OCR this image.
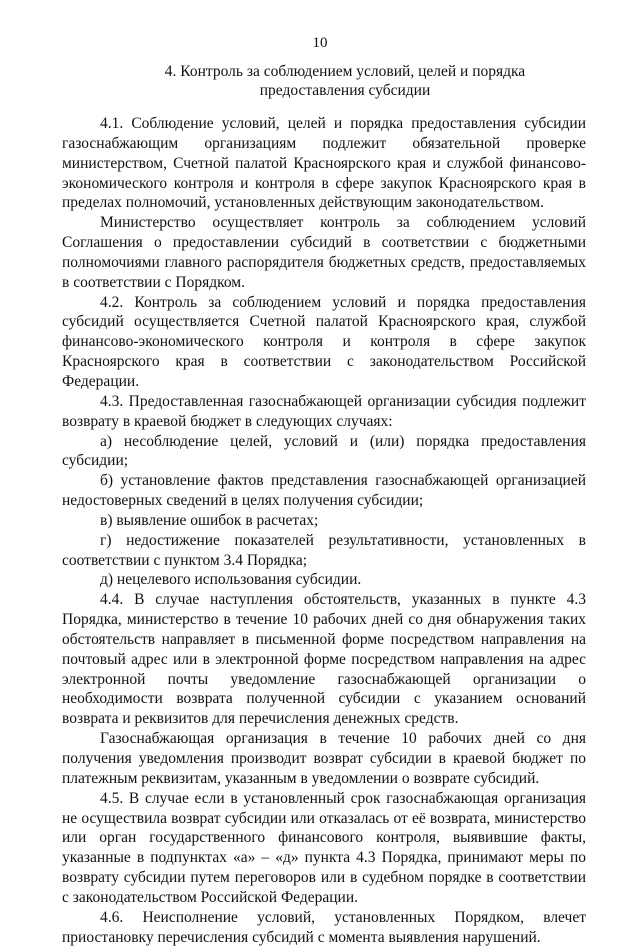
10
4. Контроль за соблюдением условий, целей и порядка
предоставления субсидии

4.1. Соблюдение условий, целей и порядка предоставления субсидии газоснабжающим организациям подлежит обязательной проверке министерством, Счетной палатой Красноярского края и службой финансово-экономического контроля и контроля в сфере закупок Красноярского края в пределах полномочий, установленных действующим законодательством.

Министерство осуществляет контроль за соблюдением условий Соглашения о предоставлении субсидий в соответствии с бюджетными полномочиями главного распорядителя бюджетных средств, предоставляемых в соответствии с Порядком.

4.2. Контроль за соблюдением условий и порядка предоставления субсидий осуществляется Счетной палатой Красноярского края, службой финансово-экономического контроля и контроля в сфере закупок Красноярского края в соответствии с законодательством Российской Федерации.

4.3. Предоставленная газоснабжающей организации субсидия подлежит возврату в краевой бюджет в следующих случаях:

а) несоблюдение целей, условий и (или) порядка предоставления субсидии;

б) установление фактов представления газоснабжающей организацией недостоверных сведений в целях получения субсидии;

в) выявление ошибок в расчетах;

г) недостижение показателей результативности, установленных в соответствии с пунктом 3.4 Порядка;

д) нецелевого использования субсидии.

4.4. В случае наступления обстоятельств, указанных в пункте 4.3 Порядка, министерство в течение 10 рабочих дней со дня обнаружения таких обстоятельств направляет в письменной форме посредством направления на почтовый адрес или в электронной форме посредством направления на адрес электронной почты уведомление газоснабжающей организации о необходимости возврата полученной субсидии с указанием оснований возврата и реквизитов для перечисления денежных средств.

Газоснабжающая организация в течение 10 рабочих дней со дня получения уведомления производит возврат субсидии в краевой бюджет по платежным реквизитам, указанным в уведомлении о возврате субсидий.

4.5. В случае если в установленный срок газоснабжающая организация не осуществила возврат субсидии или отказалась от её возврата, министерство или орган государственного финансового контроля, выявившие факты, указанные в подпунктах «а» – «д» пункта 4.3 Порядка, принимают меры по возврату субсидии путем переговоров или в судебном порядке в соответствии с законодательством Российской Федерации.

4.6. Неисполнение условий, установленных Порядком, влечет приостановку перечисления субсидий с момента выявления нарушений.
